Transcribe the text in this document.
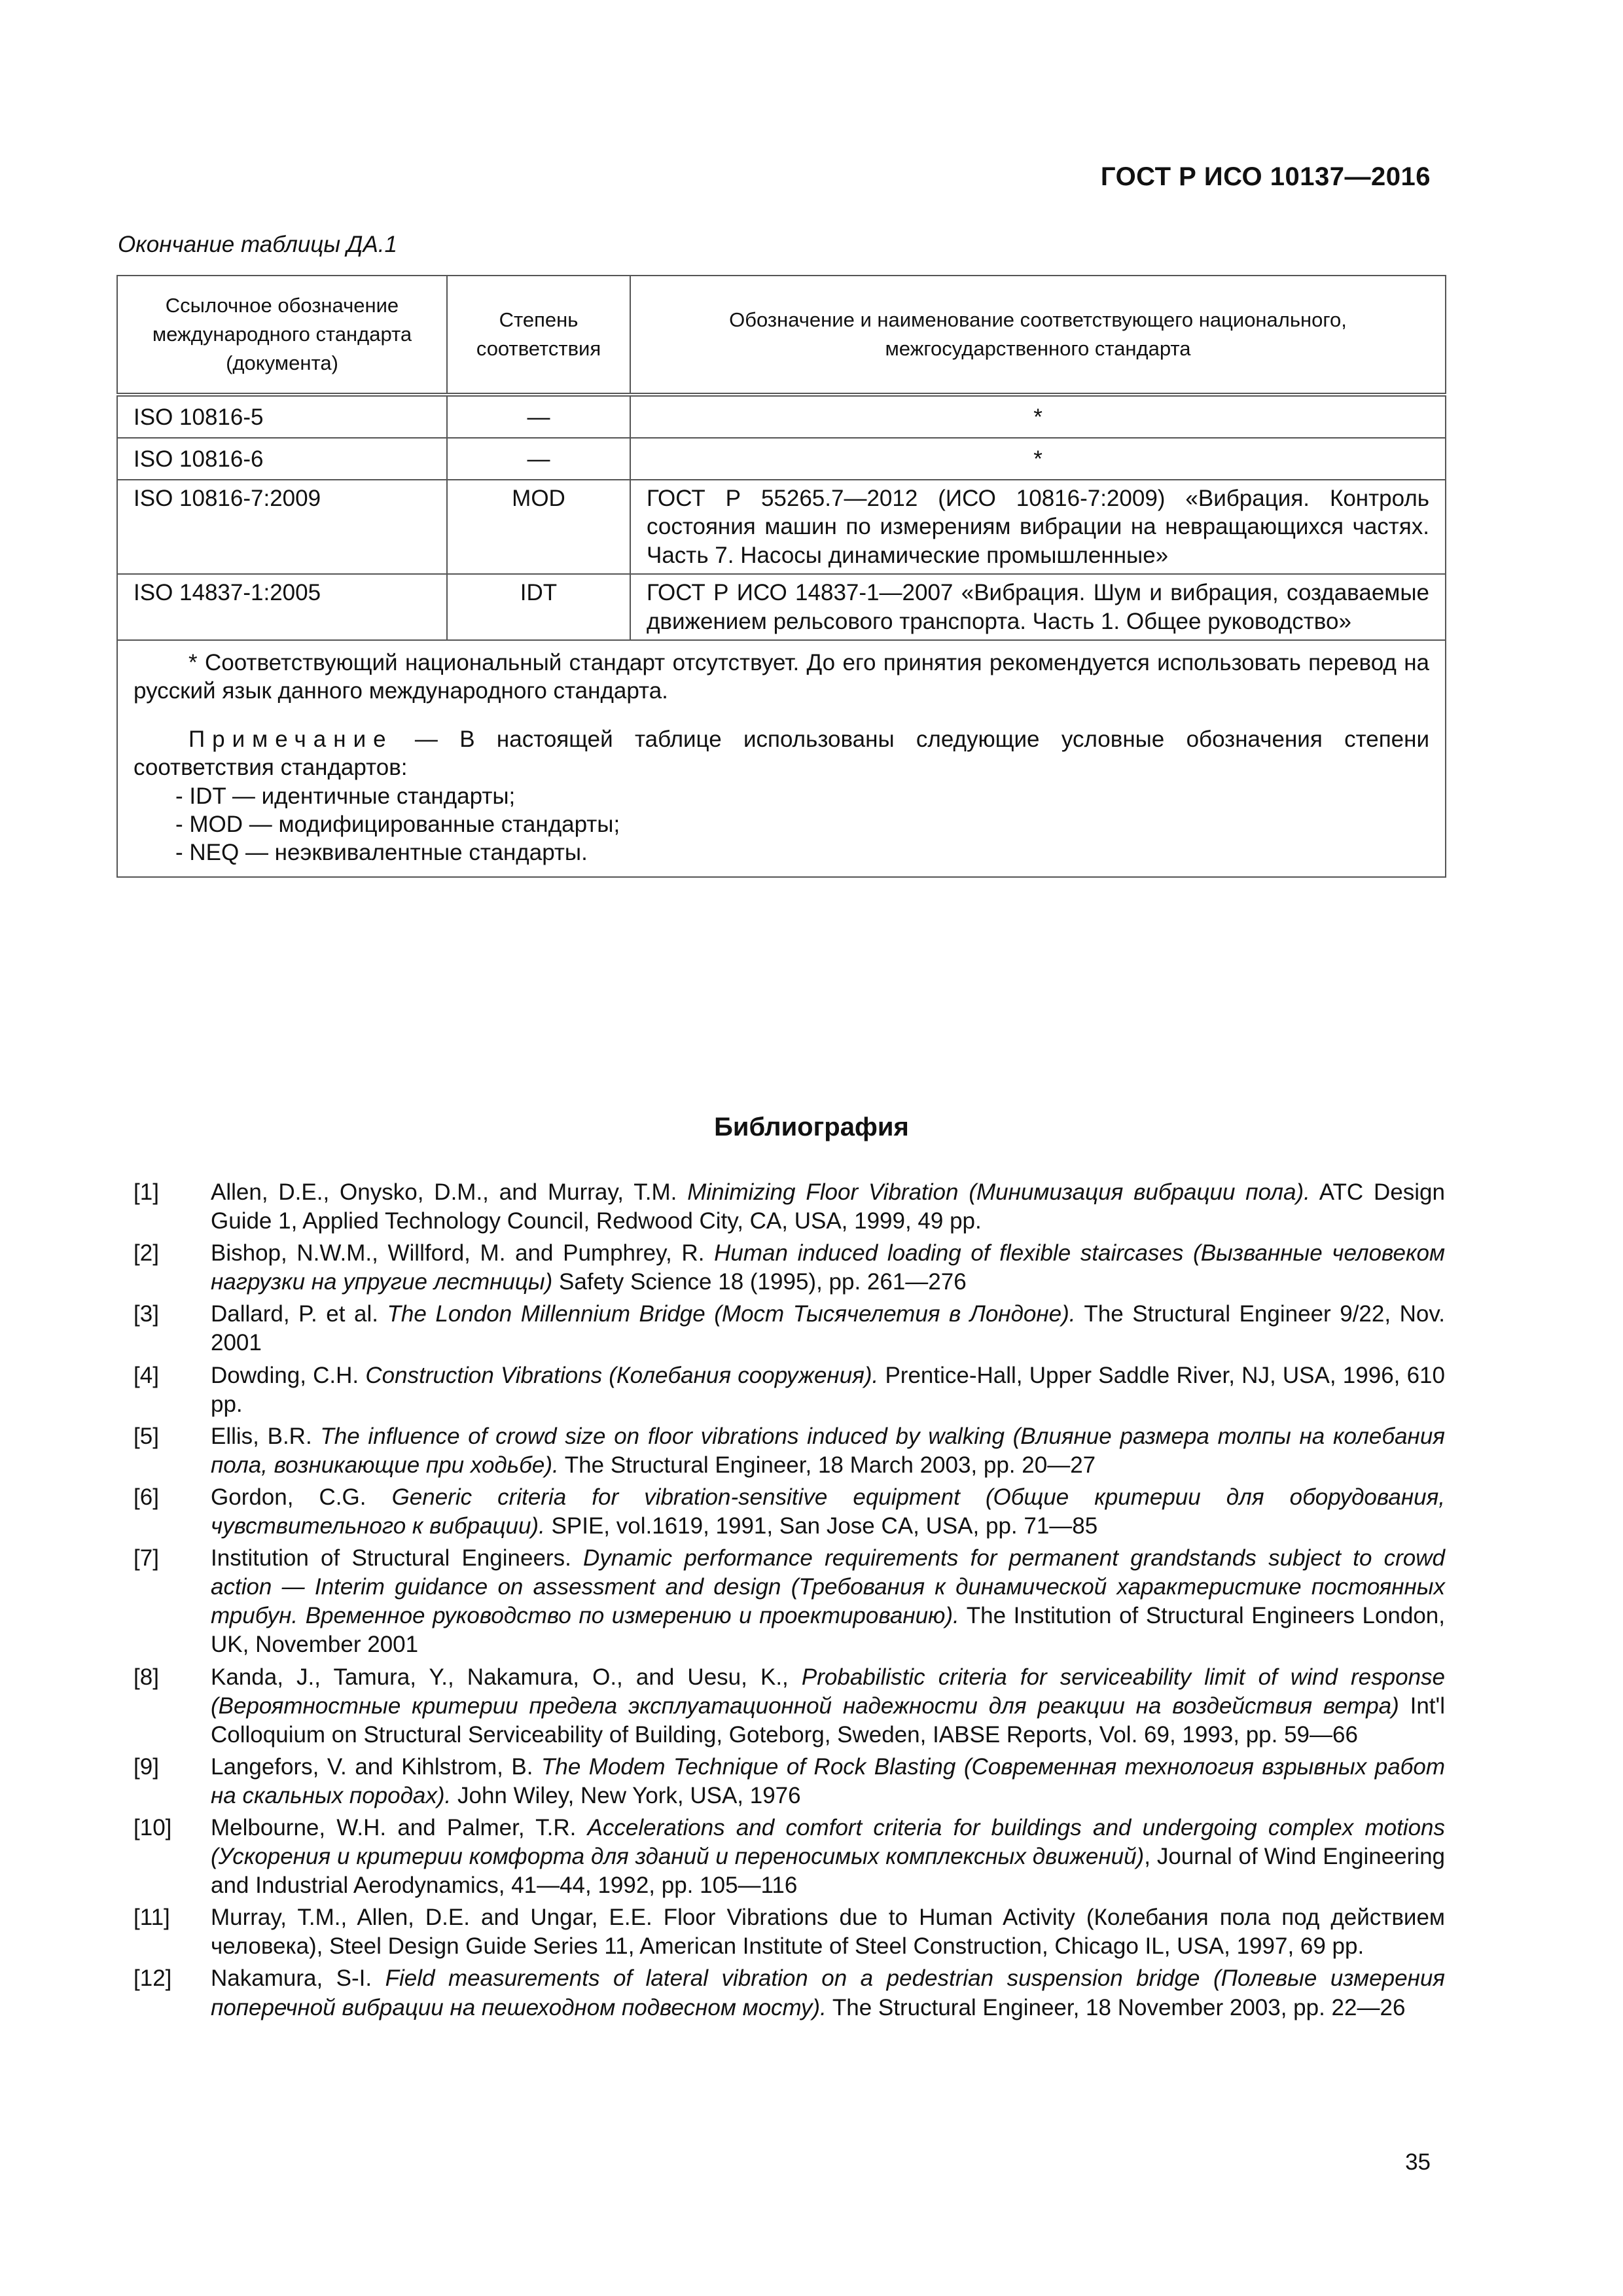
ГОСТ Р ИСО 10137—2016
Окончание таблицы ДА.1
Ссылочное обозначение международного стандарта (документа)	Степень соответствия	Обозначение и наименование соответствующего национального, межгосударственного стандарта
ISO 10816-5	—	*
ISO 10816-6	—	*
ISO 10816-7:2009	MOD	ГОСТ Р 55265.7—2012 (ИСО 10816-7:2009) «Вибрация. Контроль состояния машин по измерениям вибрации на невращающихся частях. Часть 7. Насосы динамические промышленные»
ISO 14837-1:2005	IDT	ГОСТ Р ИСО 14837-1—2007 «Вибрация. Шум и вибрация, создаваемые движением рельсового транспорта. Часть 1. Общее руководство»

* Соответствующий национальный стандарт отсутствует. До его принятия рекомендуется использовать перевод на русский язык данного международного стандарта.

Примечание — В настоящей таблице использованы следующие условные обозначения степени соответствия стандартов:

- IDT — идентичные стандарты;
- MOD — модифицированные стандарты;
- NEQ — неэквивалентные стандарты.		
Библиография
[1]	Allen, D.E., Onysko, D.M., and Murray, T.M. Minimizing Floor Vibration (Минимизация вибрации пола). ATC Design Guide 1, Applied Technology Council, Redwood City, CA, USA, 1999, 49 pp.
[2]	Bishop, N.W.M., Willford, M. and Pumphrey, R. Human induced loading of flexible staircases (Вызванные человеком нагрузки на упругие лестницы) Safety Science 18 (1995), pp. 261—276
[3]	Dallard, P. et al. The London Millennium Bridge (Мост Тысячелетия в Лондоне). The Structural Engineer 9/22, Nov. 2001
[4]	Dowding, C.H. Construction Vibrations (Колебания сооружения). Prentice-Hall, Upper Saddle River, NJ, USA, 1996, 610 pp.
[5]	Ellis, B.R. The influence of crowd size on floor vibrations induced by walking (Влияние размера толпы на колебания пола, возникающие при ходьбе). The Structural Engineer, 18 March 2003, pp. 20—27
[6]	Gordon, C.G. Generic criteria for vibration-sensitive equipment (Общие критерии для оборудования, чувствительного к вибрации). SPIE, vol.1619, 1991, San Jose CA, USA, pp. 71—85
[7]	Institution of Structural Engineers. Dynamic performance requirements for permanent grandstands subject to crowd action — Interim guidance on assessment and design (Требования к динамической характеристике постоянных трибун. Временное руководство по измерению и проектированию). The Institution of Structural Engineers London, UK, November 2001
[8]	Kanda, J., Tamura, Y., Nakamura, O., and Uesu, K., Probabilistic criteria for serviceability limit of wind response (Вероятностные критерии предела эксплуатационной надежности для реакции на воздействия ветра) Int'l Colloquium on Structural Serviceability of Building, Goteborg, Sweden, IABSE Reports, Vol. 69, 1993, pp. 59—66
[9]	Langefors, V. and Kihlstrom, B. The Modem Technique of Rock Blasting (Современная технология взрывных работ на скальных породах). John Wiley, New York, USA, 1976
[10]	Melbourne, W.H. and Palmer, T.R. Accelerations and comfort criteria for buildings and undergoing complex motions (Ускорения и критерии комфорта для зданий и переносимых комплексных движений), Journal of Wind Engineering and Industrial Aerodynamics, 41—44, 1992, pp. 105—116
[11]	Murray, T.M., Allen, D.E. and Ungar, E.E. Floor Vibrations due to Human Activity (Колебания пола под действием человека), Steel Design Guide Series 11, American Institute of Steel Construction, Chicago IL, USA, 1997, 69 pp.
[12]	Nakamura, S-I. Field measurements of lateral vibration on a pedestrian suspension bridge (Полевые измерения поперечной вибрации на пешеходном подвесном мосту). The Structural Engineer, 18 November 2003, pp. 22—26
35
